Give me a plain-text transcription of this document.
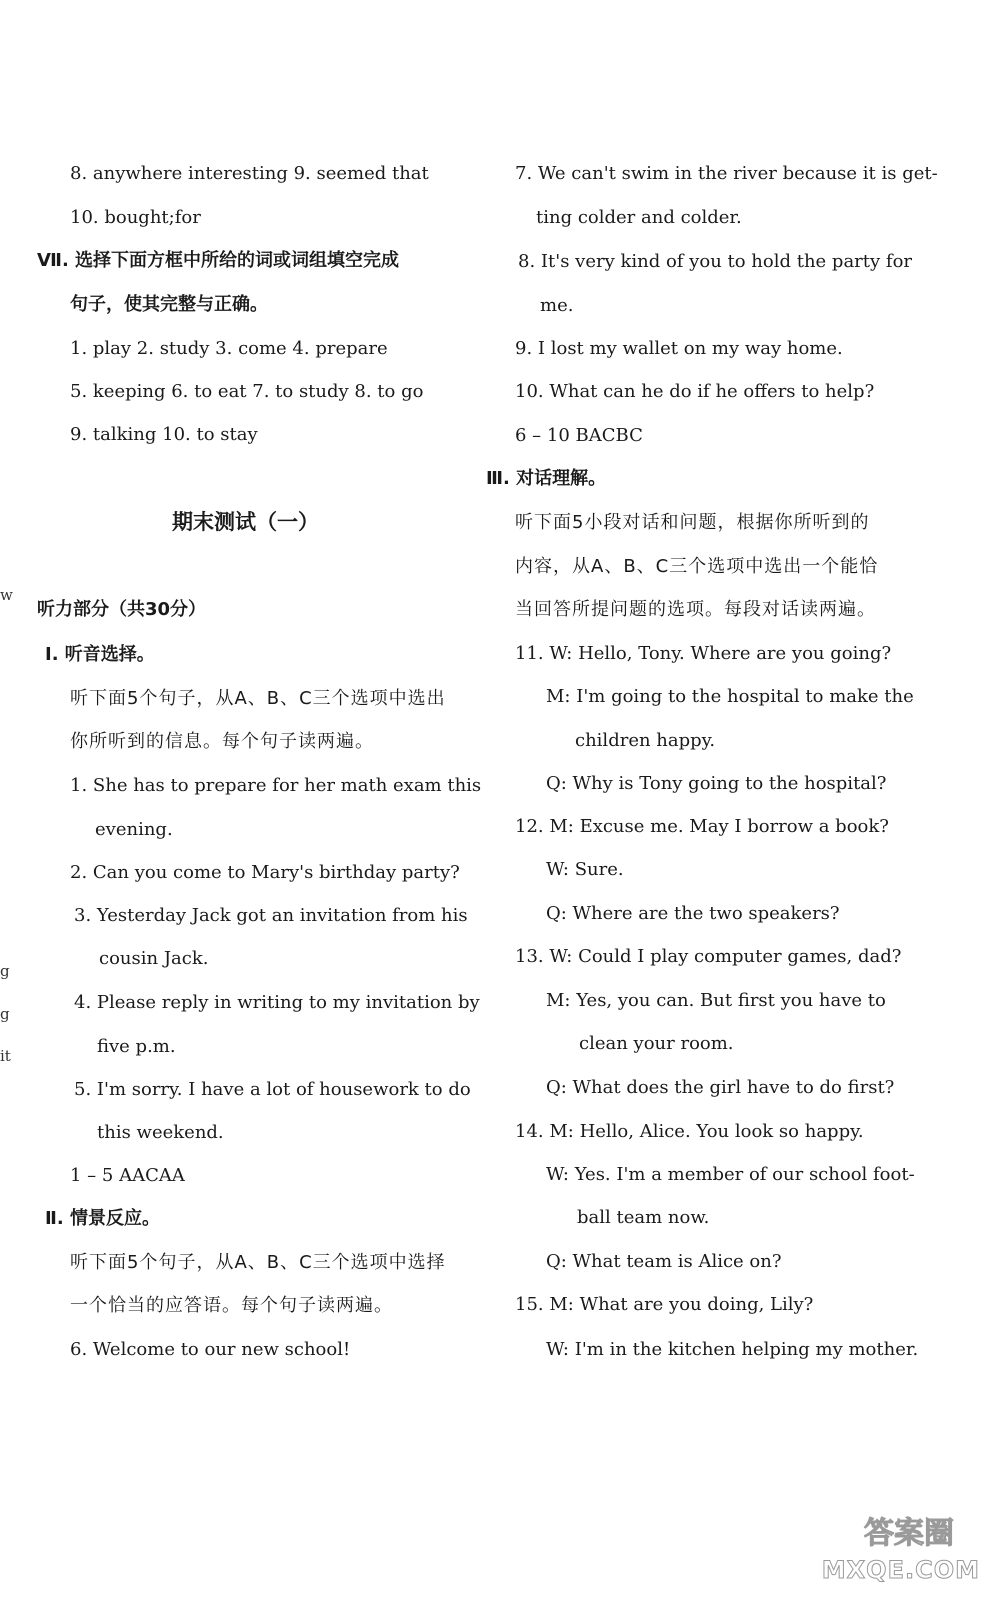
8. anywhere interesting 9. seemed that
10. bought;for
Ⅶ. 选择下面方框中所给的词或词组填空完成
句子，使其完整与正确。
1. play 2. study 3. come 4. prepare
5. keeping 6. to eat 7. to study 8. to go
9. talking 10. to stay
期末测试（一）
听力部分（共30分）
Ⅰ. 听音选择。
听下面5个句子，从A、B、C三个选项中选出
你所听到的信息。每个句子读两遍。
1. She has to prepare for her math exam this
evening.
2. Can you come to Mary's birthday party?
3. Yesterday Jack got an invitation from his
cousin Jack.
4. Please reply in writing to my invitation by
five p.m.
5. I'm sorry. I have a lot of housework to do
this weekend.
1 – 5 AACAA
Ⅱ. 情景反应。
听下面5个句子，从A、B、C三个选项中选择
一个恰当的应答语。每个句子读两遍。
6. Welcome to our new school!
w
g
g
it
7. We can't swim in the river because it is get-
ting colder and colder.
8. It's very kind of you to hold the party for
me.
9. I lost my wallet on my way home.
10. What can he do if he offers to help?
6 – 10 BACBC
Ⅲ. 对话理解。
听下面5小段对话和问题，根据你所听到的
内容，从A、B、C三个选项中选出一个能恰
当回答所提问题的选项。每段对话读两遍。
11. W: Hello, Tony. Where are you going?
M: I'm going to the hospital to make the
children happy.
Q: Why is Tony going to the hospital?
12. M: Excuse me. May I borrow a book?
W: Sure.
Q: Where are the two speakers?
13. W: Could I play computer games, dad?
M: Yes, you can. But first you have to
clean your room.
Q: What does the girl have to do first?
14. M: Hello, Alice. You look so happy.
W: Yes. I'm a member of our school foot-
ball team now.
Q: What team is Alice on?
15. M: What are you doing, Lily?
W: I'm in the kitchen helping my mother.
答案圈
MXQE.COM
